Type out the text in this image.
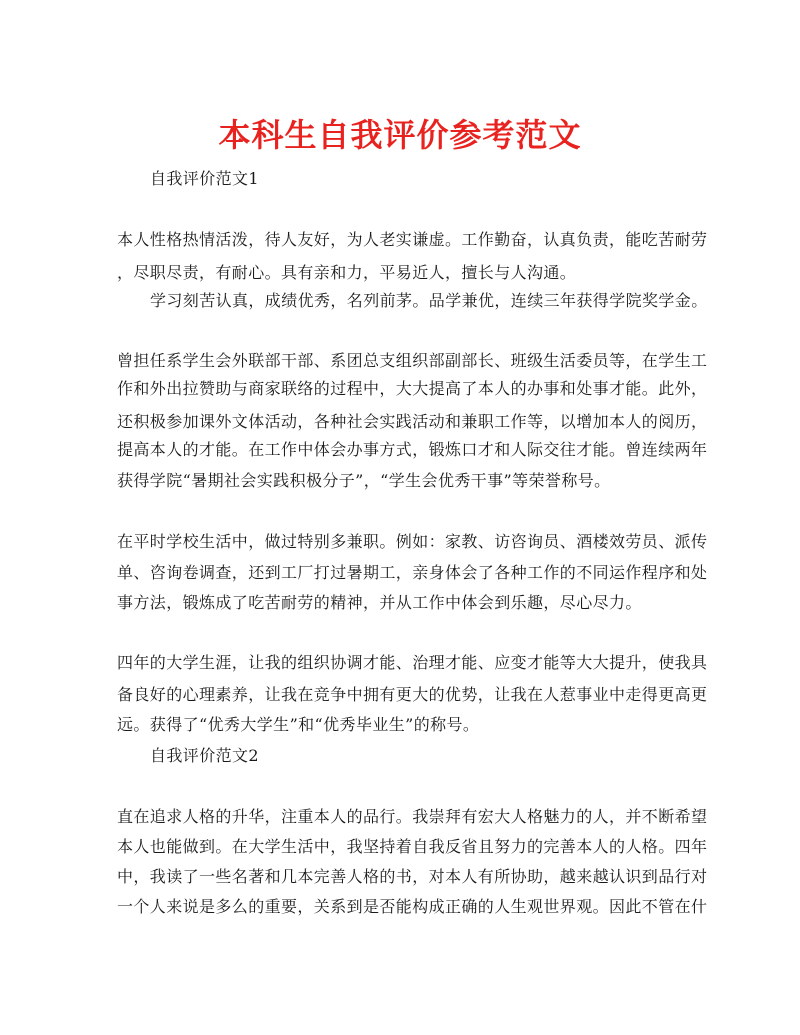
本科生自我评价参考范文
自我评价范文1
本人性格热情活泼，待人友好，为人老实谦虚。工作勤奋，认真负责，能吃苦耐劳
，尽职尽责，有耐心。具有亲和力，平易近人，擅长与人沟通。
学习刻苦认真，成绩优秀，名列前茅。品学兼优，连续三年获得学院奖学金。
曾担任系学生会外联部干部、系团总支组织部副部长、班级生活委员等，在学生工
作和外出拉赞助与商家联络的过程中，大大提高了本人的办事和处事才能。此外，
还积极参加课外文体活动，各种社会实践活动和兼职工作等，以增加本人的阅历，
提高本人的才能。在工作中体会办事方式，锻炼口才和人际交往才能。曾连续两年
获得学院“暑期社会实践积极分子”，“学生会优秀干事”等荣誉称号。
在平时学校生活中，做过特别多兼职。例如：家教、访咨询员、酒楼效劳员、派传
单、咨询卷调查，还到工厂打过暑期工，亲身体会了各种工作的不同运作程序和处
事方法，锻炼成了吃苦耐劳的精神，并从工作中体会到乐趣，尽心尽力。
四年的大学生涯，让我的组织协调才能、治理才能、应变才能等大大提升，使我具
备良好的心理素养，让我在竞争中拥有更大的优势，让我在人惹事业中走得更高更
远。获得了“优秀大学生”和“优秀毕业生”的称号。
自我评价范文2
直在追求人格的升华，注重本人的品行。我崇拜有宏大人格魅力的人，并不断希望
本人也能做到。在大学生活中，我坚持着自我反省且努力的完善本人的人格。四年
中，我读了一些名著和几本完善人格的书，对本人有所协助，越来越认识到品行对
一个人来说是多么的重要，关系到是否能构成正确的人生观世界观。因此不管在什
